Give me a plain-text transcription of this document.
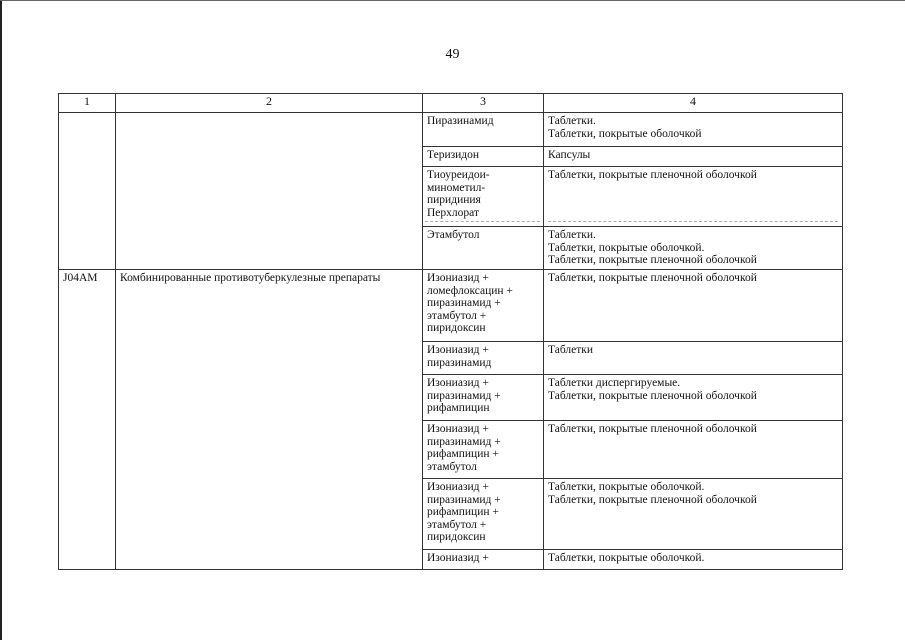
49
1	2	3	4
		Пиразинамид	Таблетки.
Таблетки, покрытые оболочкой
		Теризидон	Капсулы
		Тиоуреидои-
минометил-
пиридиния
Перхлорат	Таблетки, покрытые пленочной оболочкой
		Этамбутол	Таблетки.
Таблетки, покрытые оболочкой.
Таблетки, покрытые пленочной оболочкой
J04AM	Комбинированные противотуберкулезные препараты	Изониазид +
ломефлоксацин +
пиразинамид +
этамбутол +
пиридоксин	Таблетки, покрытые пленочной оболочкой
		Изониазид +
пиразинамид	Таблетки
		Изониазид +
пиразинамид +
рифампицин	Таблетки диспергируемые.
Таблетки, покрытые пленочной оболочкой
		Изониазид +
пиразинамид +
рифампицин +
этамбутол	Таблетки, покрытые пленочной оболочкой
		Изониазид +
пиразинамид +
рифампицин +
этамбутол +
пиридоксин	Таблетки, покрытые оболочкой.
Таблетки, покрытые пленочной оболочкой
		Изониазид +	Таблетки, покрытые оболочкой.
